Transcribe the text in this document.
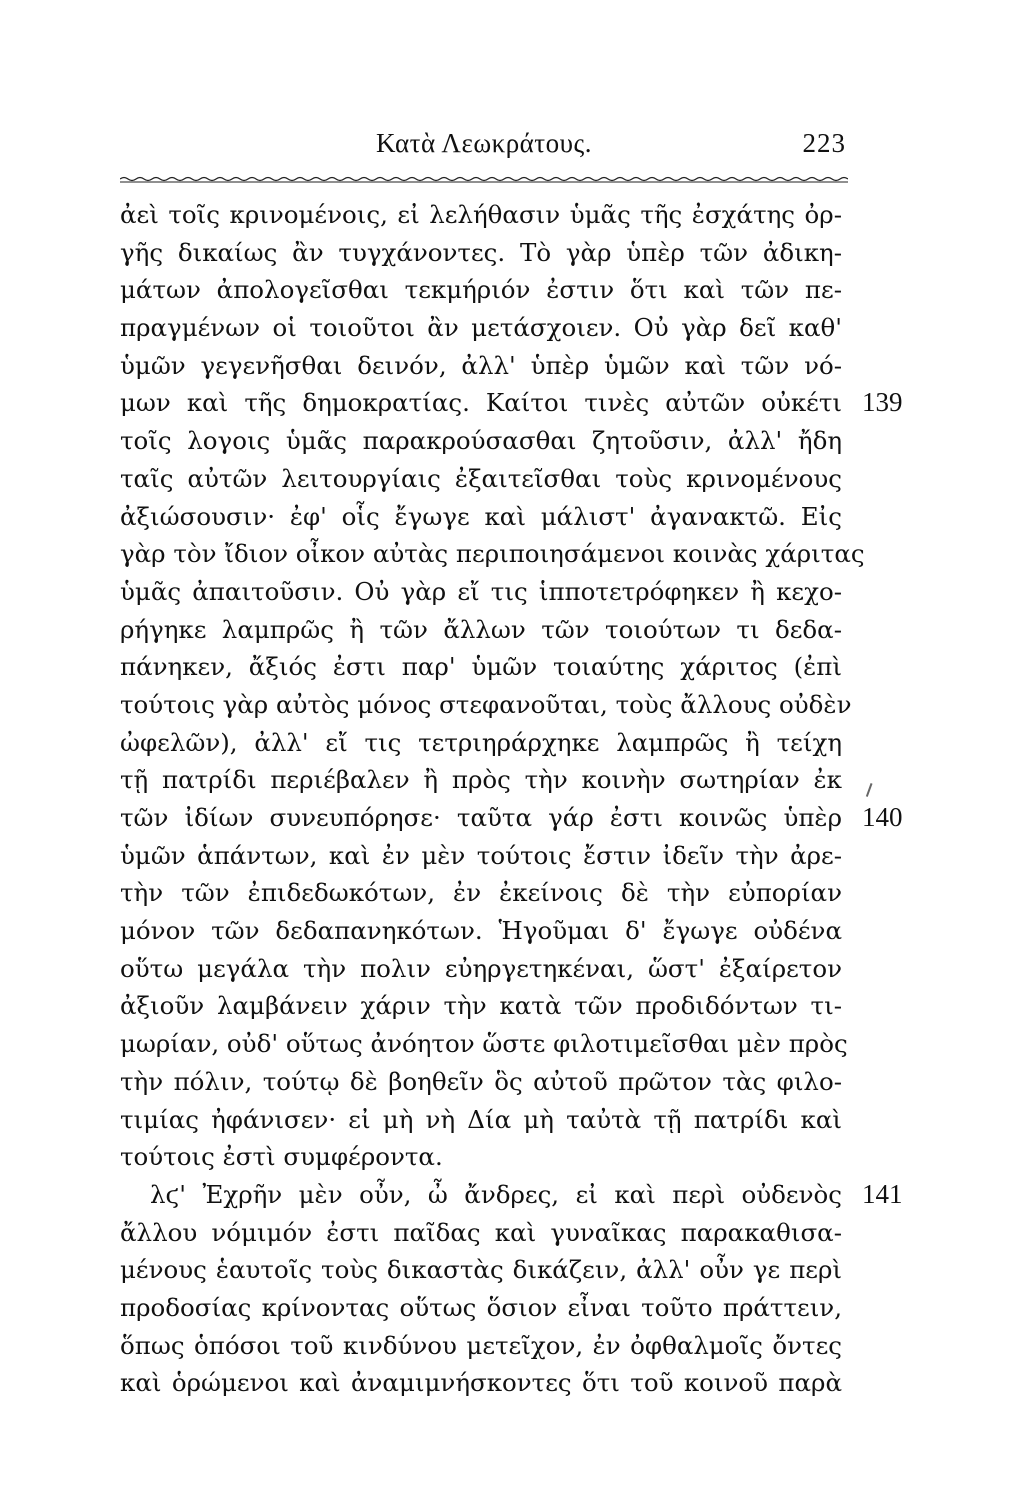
Κατὰ Λεωκράτους.	223
ἀεὶ τοῖς κρινομένοις, εἰ λελήθασιν ὑμᾶς τῆς ἐσχάτης ὀρ-
γῆς δικαίως ἂν τυγχάνοντες. Τὸ γὰρ ὑπὲρ τῶν ἀδικη-
μάτων ἀπολογεῖσθαι τεκμήριόν ἐστιν ὅτι καὶ τῶν πε-
πραγμένων οἱ τοιοῦτοι ἂν μετάσχοιεν. Οὐ γὰρ δεῖ καθ'
ὑμῶν γεγενῆσθαι δεινόν, ἀλλ' ὑπὲρ ὑμῶν καὶ τῶν νό-
μων καὶ τῆς δημοκρατίας. Καίτοι τινὲς αὐτῶν οὐκέτι 139
τοῖς λογοις ὑμᾶς παρακρούσασθαι ζητοῦσιν, ἀλλ' ἤδη
ταῖς αὐτῶν λειτουργίαις ἐξαιτεῖσθαι τοὺς κρινομένους
ἀξιώσουσιν· ἐφ' οἷς ἔγωγε καὶ μάλιστ' ἀγανακτῶ. Εἰς
γὰρ τὸν ἴδιον οἶκον αὐτὰς περιποιησάμενοι κοινὰς χάριτας
ὑμᾶς ἀπαιτοῦσιν. Οὐ γὰρ εἴ τις ἱπποτετρόφηκεν ἢ κεχο-
ρήγηκε λαμπρῶς ἢ τῶν ἄλλων τῶν τοιούτων τι δεδα-
πάνηκεν, ἄξιός ἐστι παρ' ὑμῶν τοιαύτης χάριτος (ἐπὶ
τούτοις γὰρ αὐτὸς μόνος στεφανοῦται, τοὺς ἄλλους οὐδὲν
ὠφελῶν), ἀλλ' εἴ τις τετριηράρχηκε λαμπρῶς ἢ τείχη
τῇ πατρίδι περιέβαλεν ἢ πρὸς τὴν κοινὴν σωτηρίαν ἐκ
τῶν ἰδίων συνευπόρησε· ταῦτα γάρ ἐστι κοινῶς ὑπὲρ 140
ὑμῶν ἁπάντων, καὶ ἐν μὲν τούτοις ἔστιν ἰδεῖν τὴν ἀρε-
τὴν τῶν ἐπιδεδωκότων, ἐν ἐκείνοις δὲ τὴν εὐπορίαν
μόνον τῶν δεδαπανηκότων. Ἡγοῦμαι δ' ἔγωγε οὐδένα
οὕτω μεγάλα τὴν πολιν εὐηργετηκέναι, ὥστ' ἐξαίρετον
ἀξιοῦν λαμβάνειν χάριν τὴν κατὰ τῶν προδιδόντων τι-
μωρίαν, οὐδ' οὕτως ἀνόητον ὥστε φιλοτιμεῖσθαι μὲν πρὸς
τὴν πόλιν, τούτῳ δὲ βοηθεῖν ὃς αὐτοῦ πρῶτον τὰς φιλο-
τιμίας ἠφάνισεν· εἰ μὴ νὴ Δία μὴ ταὐτὰ τῇ πατρίδι καὶ
τούτοις ἐστὶ συμφέροντα.
λϛ' Ἐχρῆν μὲν οὖν, ὦ ἄνδρες, εἰ καὶ περὶ οὐδενὸς 141
ἄλλου νόμιμόν ἐστι παῖδας καὶ γυναῖκας παρακαθισα-
μένους ἑαυτοῖς τοὺς δικαστὰς δικάζειν, ἀλλ' οὖν γε περὶ
προδοσίας κρίνοντας οὕτως ὅσιον εἶναι τοῦτο πράττειν,
ὅπως ὁπόσοι τοῦ κινδύνου μετεῖχον, ἐν ὀφθαλμοῖς ὄντες
καὶ ὁρώμενοι καὶ ἀναμιμνήσκοντες ὅτι τοῦ κοινοῦ παρὰ
